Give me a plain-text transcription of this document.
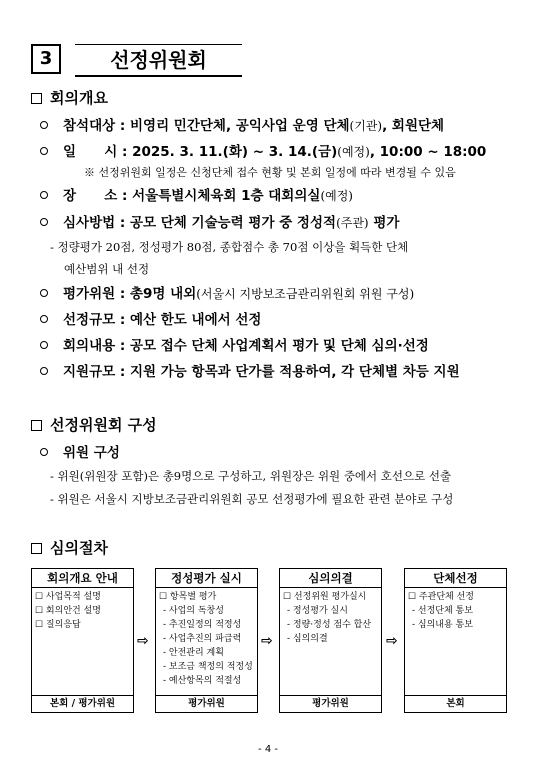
3	선정위원회
회의개요
참석대상 : 비영리 민간단체, 공익사업 운영 단체(기관), 회원단체
일      시 : 2025. 3. 11.(화) ~ 3. 14.(금)(예정), 10:00 ~ 18:00
※ 선정위원회 일정은 신청단체 접수 현황 및 본회 일정에 따라 변경될 수 있음
장      소 : 서울특별시체육회 1층 대회의실(예정)
심사방법 : 공모 단체 기술능력 평가 중 정성적(주관) 평가
- 정량평가 20점, 정성평가 80점, 종합점수 총 70점 이상을 획득한 단체
예산범위 내 선정
평가위원 : 총9명 내외(서울시 지방보조금관리위원회 위원 구성)
선정규모 : 예산 한도 내에서 선정
회의내용 : 공모 접수 단체 사업계획서 평가 및 단체 심의·선정
지원규모 : 지원 가능 항목과 단가를 적용하여, 각 단체별 차등 지원
선정위원회 구성
위원 구성
- 위원(위원장 포함)은 총9명으로 구성하고, 위원장은 위원 중에서 호선으로 선출
- 위원은 서울시 지방보조금관리위원회 공모 선정평가에 필요한 관련 분야로 구성
심의절차
회의개요 안내
☐ 사업목적 설명
☐ 회의안건 설명
☐ 질의응답
본회 / 평가위원
⇨
정성평가 실시
☐ 항목별 평가
- 사업의 독창성
- 추진일정의 적정성
- 사업추진의 파급력
- 안전관리 계획
- 보조금 책정의 적정성
- 예산항목의 적절성
평가위원
⇨
심의의결
☐ 선정위원 평가실시
- 정성평가 실시
- 정량·정성 점수 합산
- 심의의결
평가위원
⇨
단체선정
☐ 주관단체 선정
- 선정단체 통보
- 심의내용 통보
본회
- 4 -
